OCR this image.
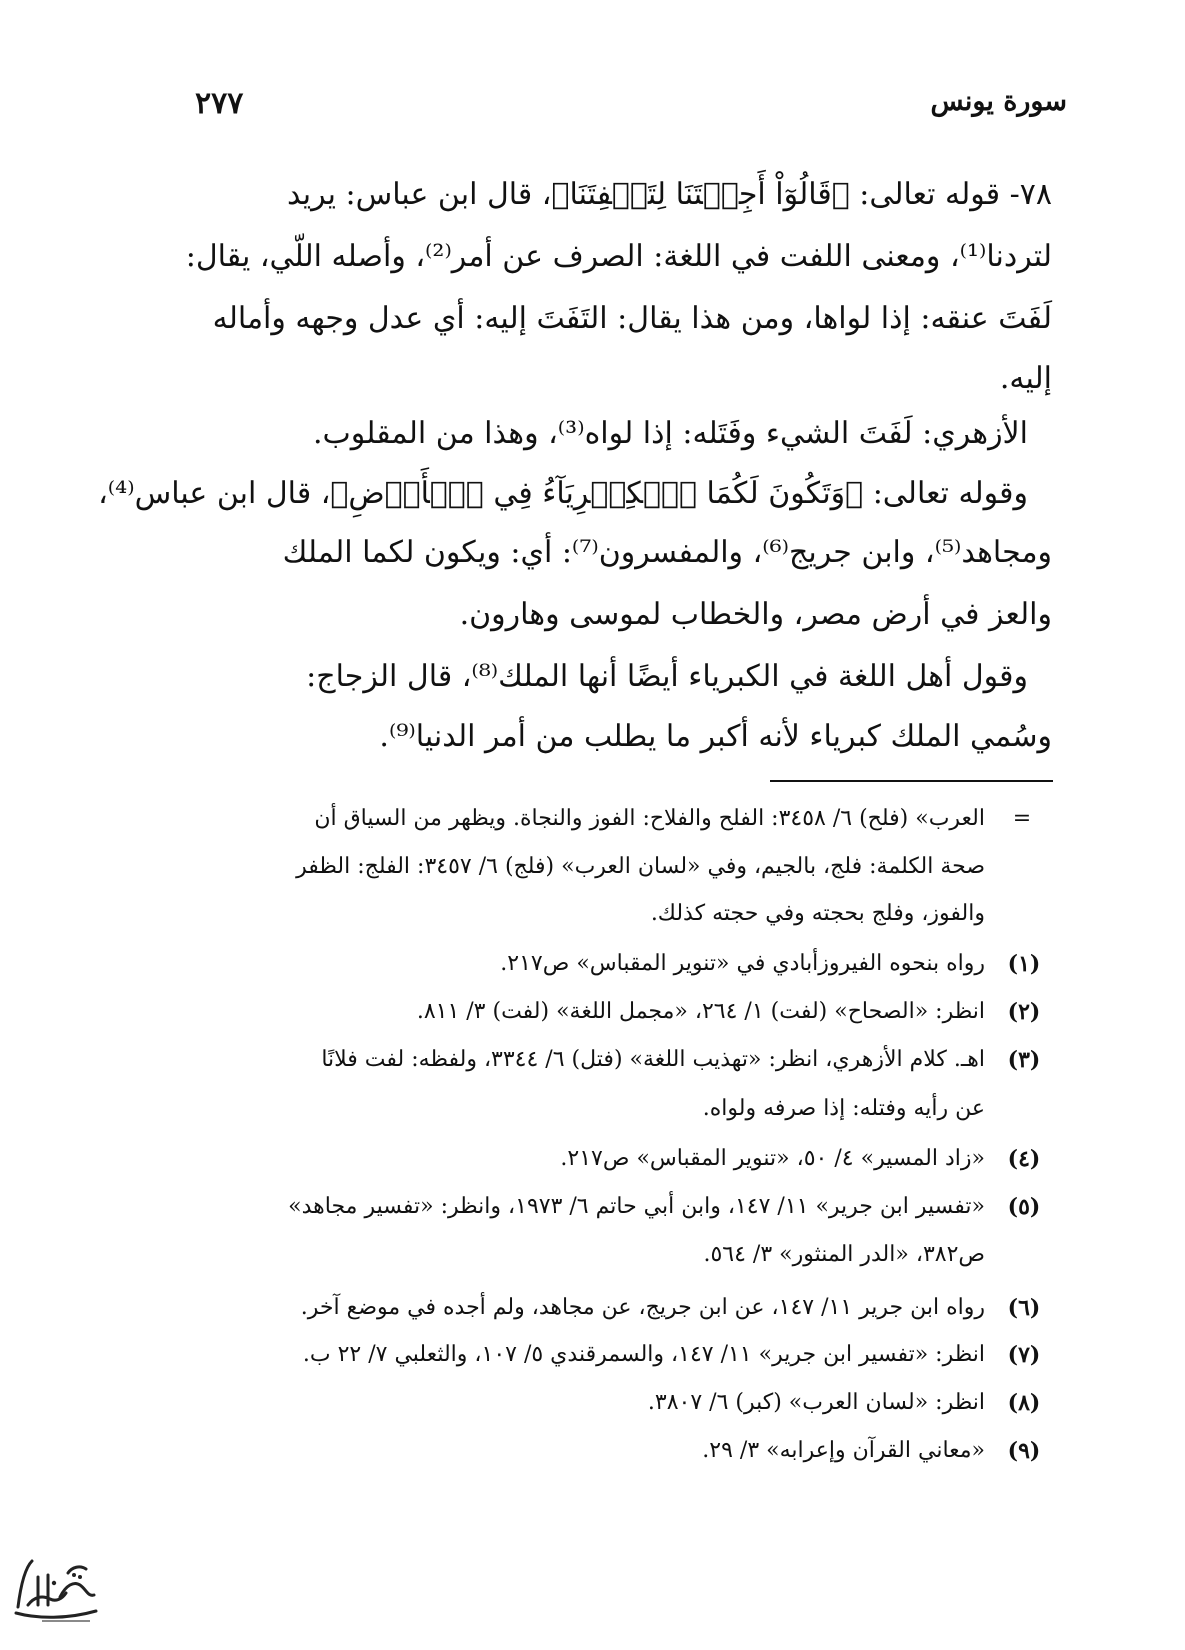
سورة يونس
٢٧٧
٧٨- قوله تعالى: ﴿قَالُوٓاْ أَجِئۡتَنَا لِتَلۡفِتَنَا﴾، قال ابن عباس: يريد
لتردنا⁽¹⁾، ومعنى اللفت في اللغة: الصرف عن أمر⁽²⁾، وأصله اللّي، يقال:
لَفَتَ عنقه: إذا لواها، ومن هذا يقال: التَفَتَ إليه: أي عدل وجهه وأماله
إليه.
الأزهري: لَفَتَ الشيء وفَتَله: إذا لواه⁽³⁾، وهذا من المقلوب.
وقوله تعالى: ﴿وَتَكُونَ لَكُمَا ٱلۡكِبۡرِيَآءُ فِي ٱلۡأَرۡضِ﴾، قال ابن عباس⁽⁴⁾،
ومجاهد⁽⁵⁾، وابن جريج⁽⁶⁾، والمفسرون⁽⁷⁾: أي: ويكون لكما الملك
والعز في أرض مصر، والخطاب لموسى وهارون.
وقول أهل اللغة في الكبرياء أيضًا أنها الملك⁽⁸⁾، قال الزجاج:
وسُمي الملك كبرياء لأنه أكبر ما يطلب من أمر الدنيا⁽⁹⁾.
=
العرب» (فلح) ٦/ ٣٤٥٨: الفلح والفلاح: الفوز والنجاة. ويظهر من السياق أن
صحة الكلمة: فلج، بالجيم، وفي «لسان العرب» (فلج) ٦/ ٣٤٥٧: الفلج: الظفر
والفوز، وفلج بحجته وفي حجته كذلك.
(١)
رواه بنحوه الفيروزأبادي في «تنوير المقباس» ص٢١٧.
(٢)
انظر: «الصحاح» (لفت) ١/ ٢٦٤، «مجمل اللغة» (لفت) ٣/ ٨١١.
(٣)
اهـ. كلام الأزهري، انظر: «تهذيب اللغة» (فتل) ٦/ ٣٣٤٤، ولفظه: لفت فلانًا
عن رأيه وفتله: إذا صرفه ولواه.
(٤)
«زاد المسير» ٤/ ٥٠، «تنوير المقباس» ص٢١٧.
(٥)
«تفسير ابن جرير» ١١/ ١٤٧، وابن أبي حاتم ٦/ ١٩٧٣، وانظر: «تفسير مجاهد»
ص٣٨٢، «الدر المنثور» ٣/ ٥٦٤.
(٦)
رواه ابن جرير ١١/ ١٤٧، عن ابن جريج، عن مجاهد، ولم أجده في موضع آخر.
(٧)
انظر: «تفسير ابن جرير» ١١/ ١٤٧، والسمرقندي ٥/ ١٠٧، والثعلبي ٧/ ٢٢ ب.
(٨)
انظر: «لسان العرب» (كبر) ٦/ ٣٨٠٧.
(٩)
«معاني القرآن وإعرابه» ٣/ ٢٩.
